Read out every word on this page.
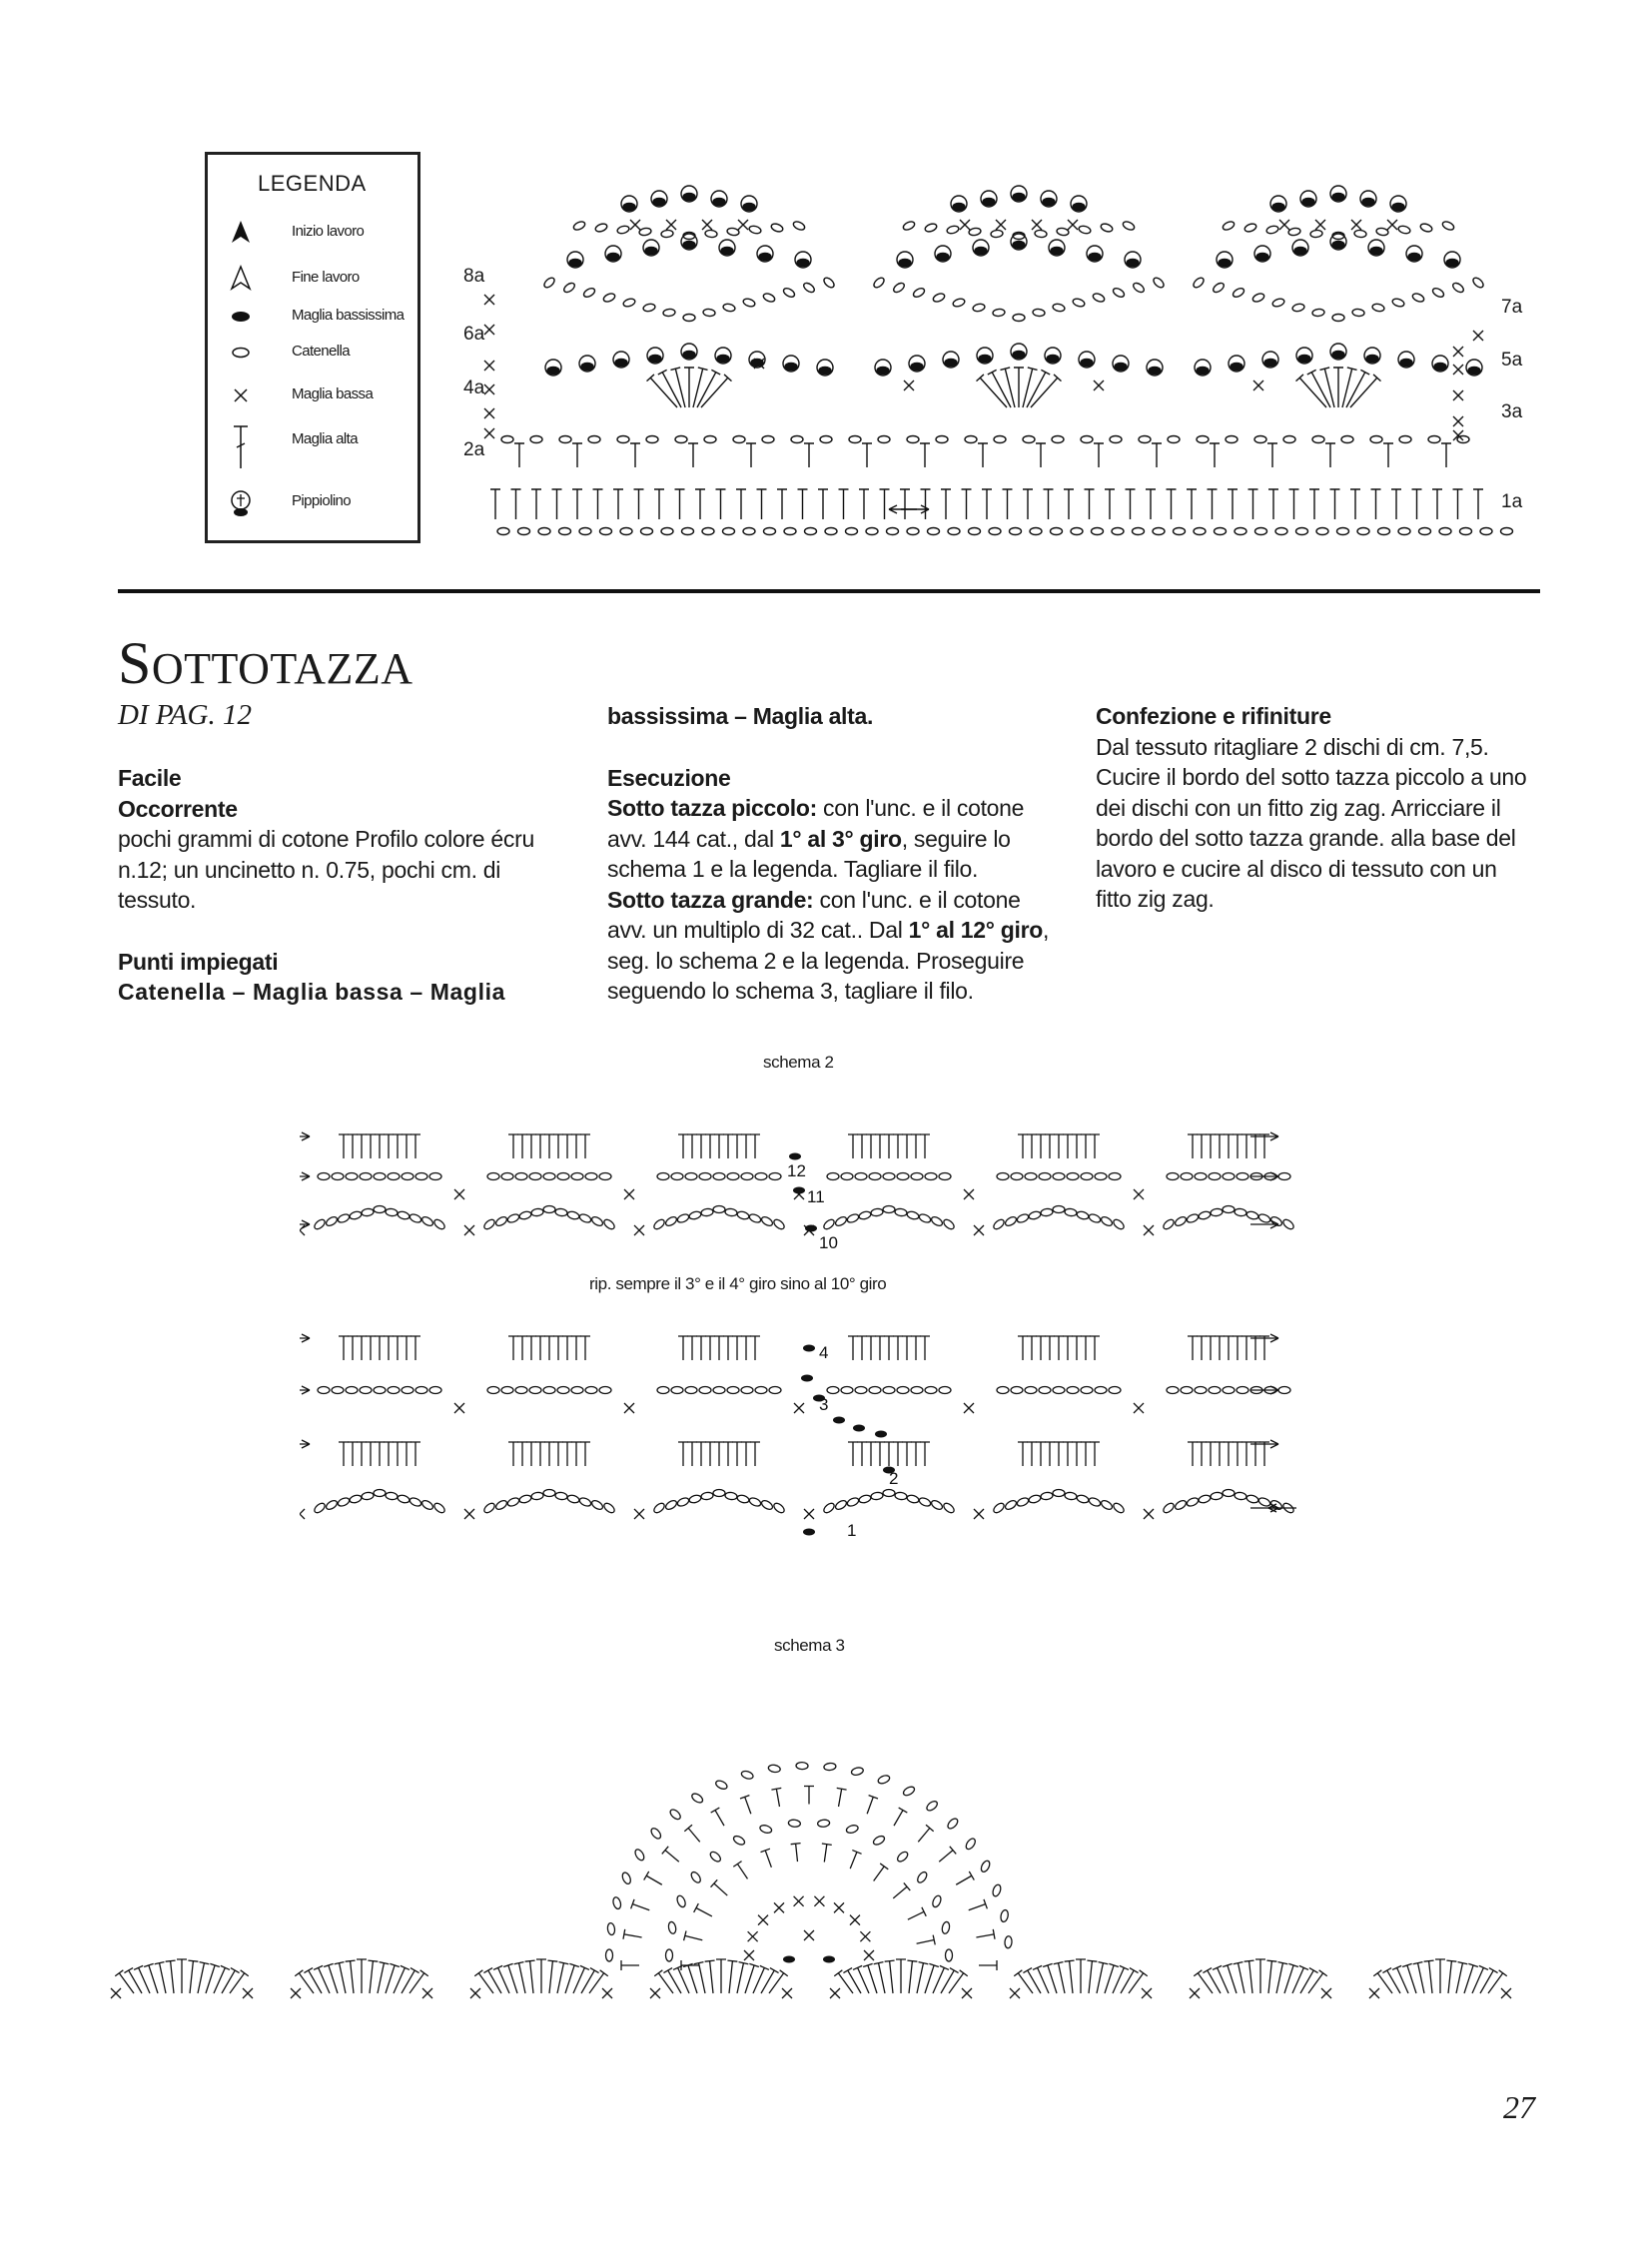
LEGENDA
Inizio lavoro
Fine lavoro
Maglia bassissima
Catenella
Maglia bassa
Maglia alta
Pippiolino
8a
6a
4a
2a
7a
5a
3a
1a
SOTTOTAZZA
DI PAG. 12

Facile

Occorrente

pochi grammi di cotone Profilo colore écru n.12; un uncinetto n. 0.75, pochi cm. di tessuto.

Punti impiegati

Catenella – Maglia bassa – Maglia

bassissima – Maglia alta.

Esecuzione

Sotto tazza piccolo: con l'unc. e il cotone avv. 144 cat., dal 1° al 3° giro, seguire lo schema 1 e la legenda. Tagliare il filo.

Sotto tazza grande: con l'unc. e il cotone avv. un multiplo di 32 cat.. Dal 1° al 12° giro, seg. lo schema 2 e la legenda. Proseguire seguendo lo schema 3, tagliare il filo.

Confezione e rifiniture

Dal tessuto ritagliare 2 dischi di cm. 7,5. Cucire il bordo del sotto tazza piccolo a uno dei dischi con un fitto zig zag. Arricciare il bordo del sotto tazza grande. alla base del lavoro e cucire al disco di tessuto con un fitto zig zag.

schema 2
rip. sempre il 3° e il 4° giro sino al 10° giro
12
11
10
4
3
2
1
schema 3
27
